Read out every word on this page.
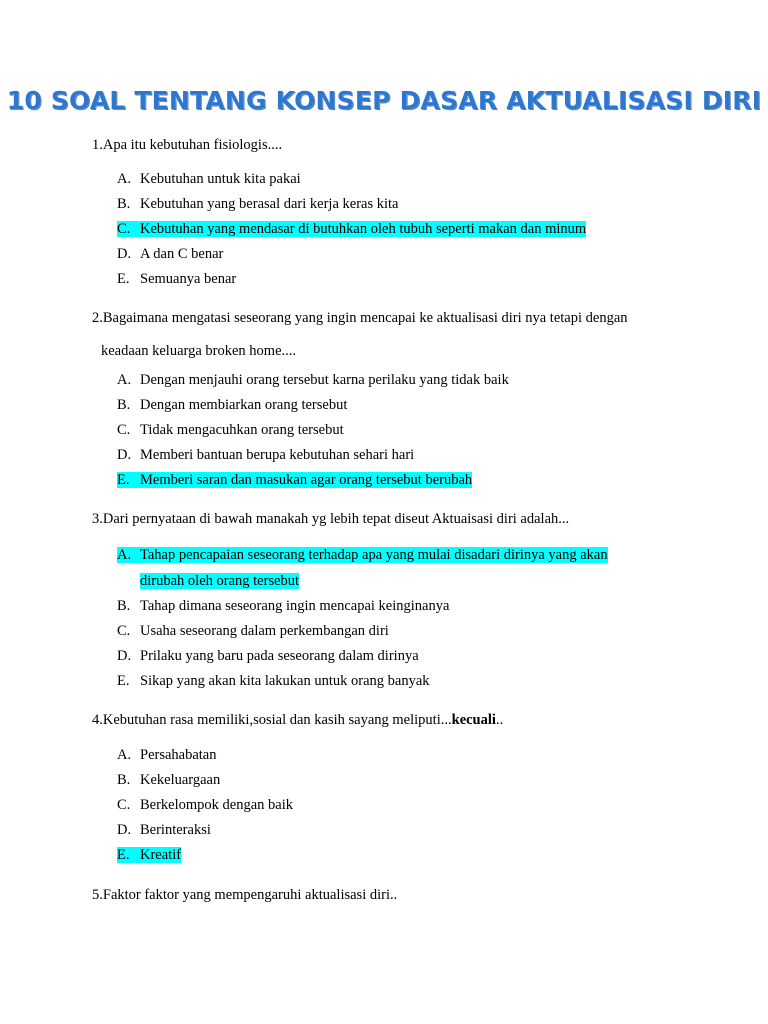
10 SOAL TENTANG KONSEP DASAR AKTUALISASI DIRI
1.Apa itu kebutuhan fisiologis....
A. Kebutuhan untuk kita pakai
B. Kebutuhan yang berasal dari kerja keras kita
C. Kebutuhan yang mendasar di butuhkan oleh tubuh seperti makan dan minum
D. A dan C benar
E. Semuanya benar
2.Bagaimana mengatasi seseorang yang ingin mencapai ke aktualisasi diri nya tetapi dengan
keadaan keluarga broken home....
A. Dengan menjauhi orang tersebut karna perilaku yang tidak baik
B. Dengan membiarkan orang tersebut
C. Tidak mengacuhkan orang tersebut
D. Memberi bantuan berupa kebutuhan sehari hari
E. Memberi saran dan masukan agar orang tersebut berubah
3.Dari pernyataan di bawah manakah yg lebih tepat diseut Aktuaisasi diri adalah...
A. Tahap pencapaian seseorang terhadap apa yang mulai disadari dirinya yang akan
dirubah oleh orang tersebut
B. Tahap dimana seseorang ingin mencapai keinginanya
C. Usaha seseorang dalam perkembangan diri
D. Prilaku yang baru pada seseorang dalam dirinya
E. Sikap yang akan kita lakukan untuk orang banyak
4.Kebutuhan rasa memiliki,sosial dan kasih sayang meliputi...kecuali..
A. Persahabatan
B. Kekeluargaan
C. Berkelompok dengan baik
D. Berinteraksi
E. Kreatif
5.Faktor faktor yang mempengaruhi aktualisasi diri..
